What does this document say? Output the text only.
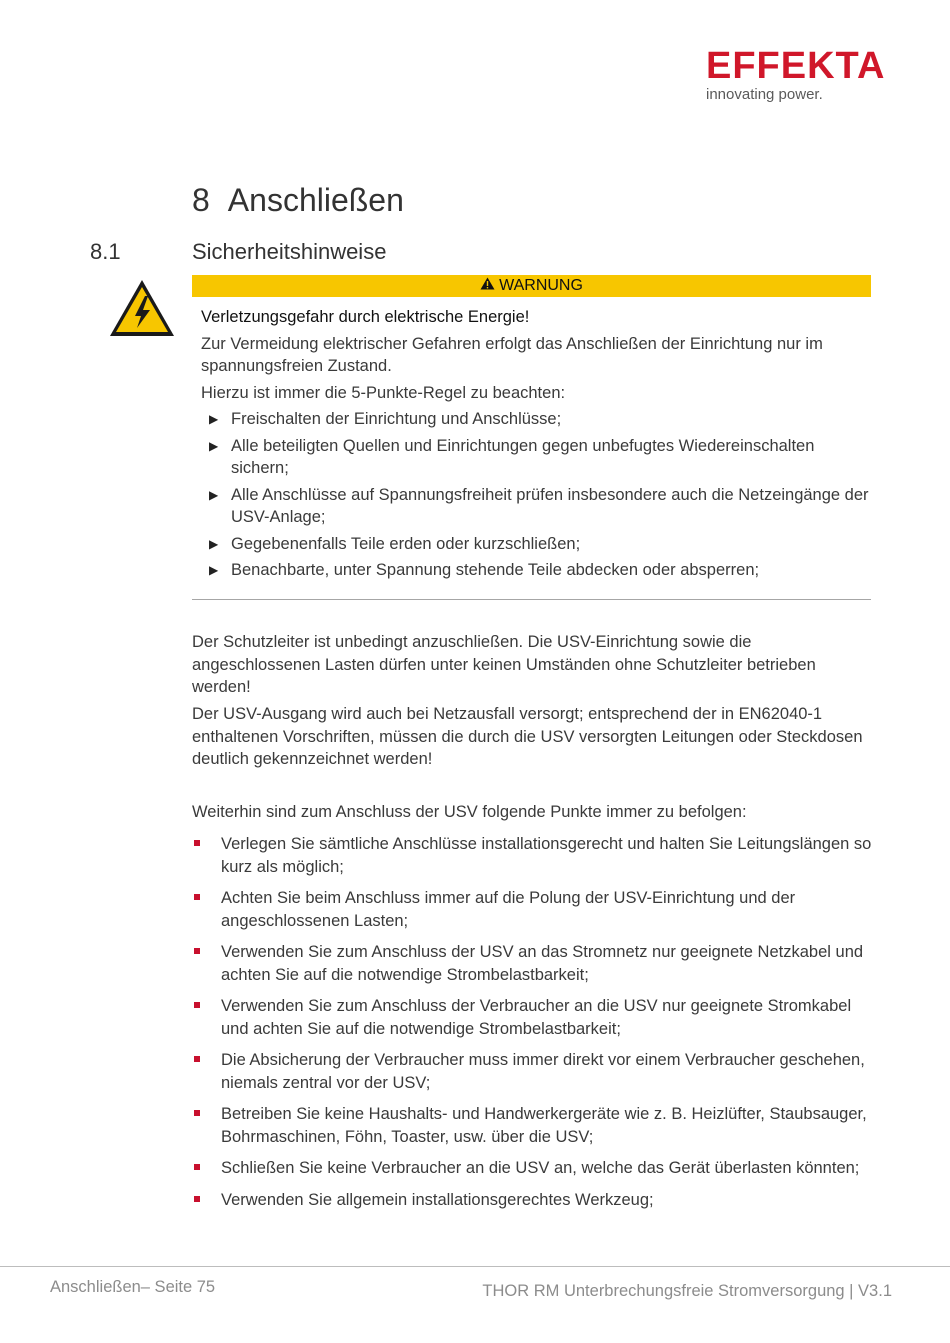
EFFEKTA
innovating power.
8 Anschließen
8.1	Sicherheitshinweise
WARNUNG

Verletzungsgefahr durch elektrische Energie!

Zur Vermeidung elektrischer Gefahren erfolgt das Anschließen der Einrichtung nur im spannungsfreien Zustand.

Hierzu ist immer die 5-Punkte-Regel zu beachten:

▶ Freischalten der Einrichtung und Anschlüsse;
▶ Alle beteiligten Quellen und Einrichtungen gegen unbefugtes Wiedereinschalten sichern;
▶ Alle Anschlüsse auf Spannungsfreiheit prüfen insbesondere auch die Netzeingänge der USV-Anlage;
▶ Gegebenenfalls Teile erden oder kurzschließen;
▶ Benachbarte, unter Spannung stehende Teile abdecken oder absperren;

Der Schutzleiter ist unbedingt anzuschließen. Die USV-Einrichtung sowie die angeschlossenen Lasten dürfen unter keinen Umständen ohne Schutzleiter betrieben werden!

Der USV-Ausgang wird auch bei Netzausfall versorgt; entsprechend der in EN62040-1 enthaltenen Vorschriften, müssen die durch die USV versorgten Leitungen oder Steckdosen deutlich gekennzeichnet werden!

Weiterhin sind zum Anschluss der USV folgende Punkte immer zu befolgen:

Verlegen Sie sämtliche Anschlüsse installationsgerecht und halten Sie Leitungslängen so kurz als möglich;
Achten Sie beim Anschluss immer auf die Polung der USV-Einrichtung und der angeschlossenen Lasten;
Verwenden Sie zum Anschluss der USV an das Stromnetz nur geeignete Netzkabel und achten Sie auf die notwendige Strombelastbarkeit;
Verwenden Sie zum Anschluss der Verbraucher an die USV nur geeignete Stromkabel und achten Sie auf die notwendige Strombelastbarkeit;
Die Absicherung der Verbraucher muss immer direkt vor einem Verbraucher geschehen, niemals zentral vor der USV;
Betreiben Sie keine Haushalts- und Handwerkergeräte wie z. B. Heizlüfter, Staubsauger, Bohrmaschinen, Föhn, Toaster, usw. über die USV;
Schließen Sie keine Verbraucher an die USV an, welche das Gerät überlasten könnten;
Verwenden Sie allgemein installationsgerechtes Werkzeug;
Anschließen– Seite 75	THOR RM Unterbrechungsfreie Stromversorgung | V3.1
